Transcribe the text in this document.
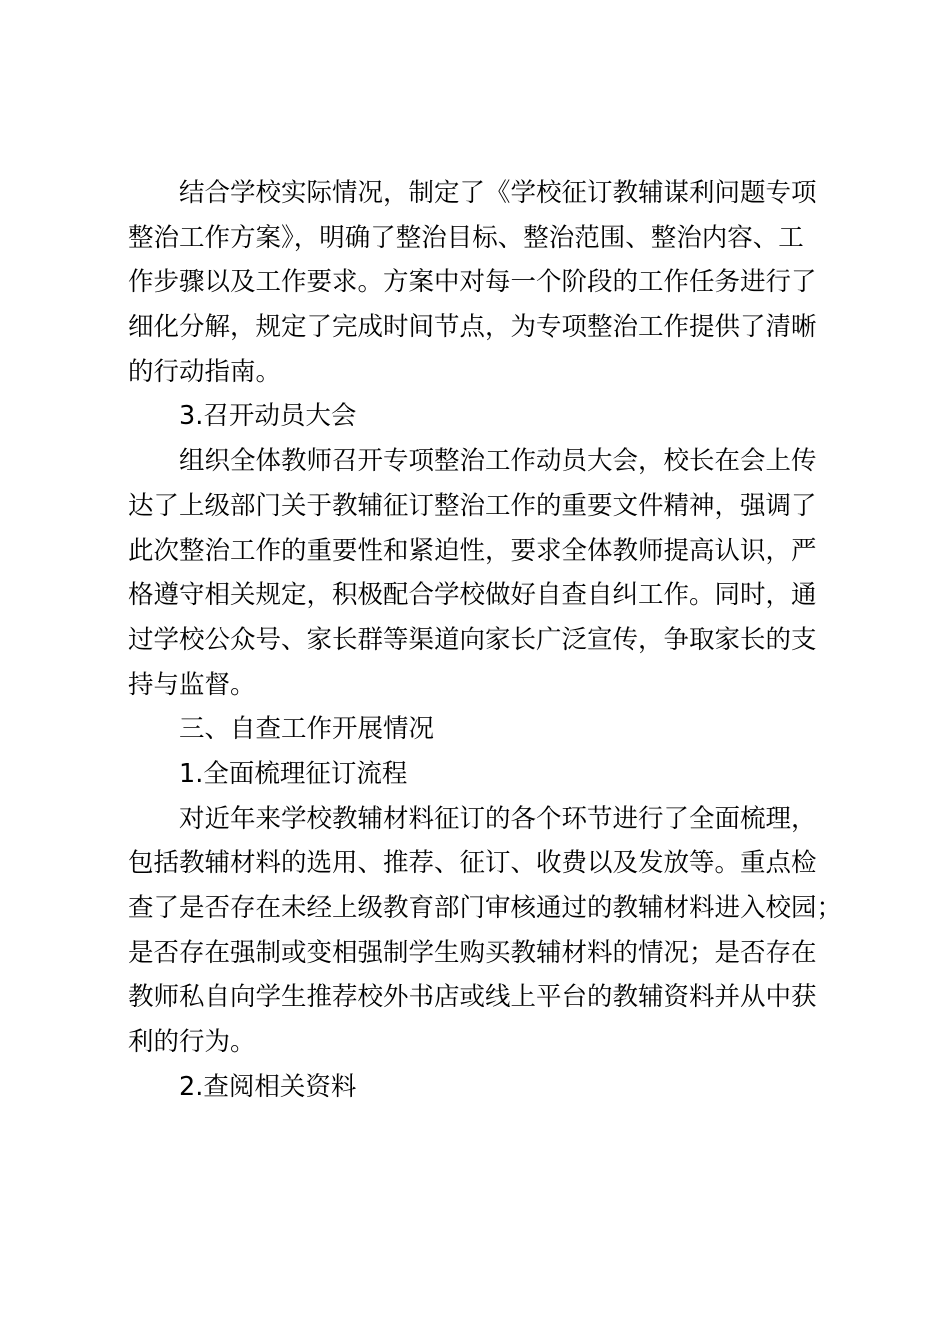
结合学校实际情况，制定了《学校征订教辅谋利问题专项
整治工作方案》，明确了整治目标、整治范围、整治内容、工
作步骤以及工作要求。方案中对每一个阶段的工作任务进行了
细化分解，规定了完成时间节点，为专项整治工作提供了清晰
的行动指南。
3.召开动员大会
组织全体教师召开专项整治工作动员大会，校长在会上传
达了上级部门关于教辅征订整治工作的重要文件精神，强调了
此次整治工作的重要性和紧迫性，要求全体教师提高认识，严
格遵守相关规定，积极配合学校做好自查自纠工作。同时，通
过学校公众号、家长群等渠道向家长广泛宣传，争取家长的支
持与监督。
三、自查工作开展情况
1.全面梳理征订流程
对近年来学校教辅材料征订的各个环节进行了全面梳理，
包括教辅材料的选用、推荐、征订、收费以及发放等。重点检
查了是否存在未经上级教育部门审核通过的教辅材料进入校园；
是否存在强制或变相强制学生购买教辅材料的情况；是否存在
教师私自向学生推荐校外书店或线上平台的教辅资料并从中获
利的行为。
2.查阅相关资料
